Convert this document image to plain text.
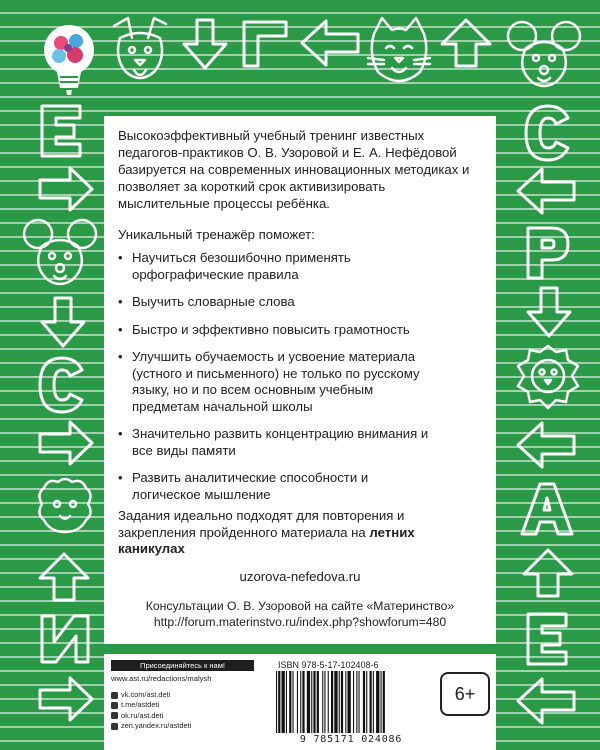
Высокоэффективный учебный тренинг известных педагогов-практиков О. В. Узоровой и Е. А. Нефёдовой базируется на современных инновационных методиках и позволяет за короткий срок активизировать мыслительные процессы ребёнка.
Уникальный тренажёр поможет:
• Научиться безошибочно применять орфографические правила
• Выучить словарные слова
• Быстро и эффективно повысить грамотность
• Улучшить обучаемость и усвоение материала (устного и письменного) не только по русскому языку, но и по всем основным учебным предметам начальной школы
• Значительно развить концентрацию внимания и все виды памяти
• Развить аналитические способности и логическое мышление
Задания идеально подходят для повторения и закрепления пройденного материала на летних каникулах
uzorova-nefedova.ru
Консультации О. В. Узоровой на сайте «Материнство»
http://forum.materinstvo.ru/index.php?showforum=480
Присоединяйтесь к нам!
www.ast.ru/redactions/malysh
vk.com/ast.deti
t.me/astdeti
ok.ru/ast.deti
zen.yandex.ru/astdeti
ISBN 978-5-17-102408-6
9 785171 024086
6+
